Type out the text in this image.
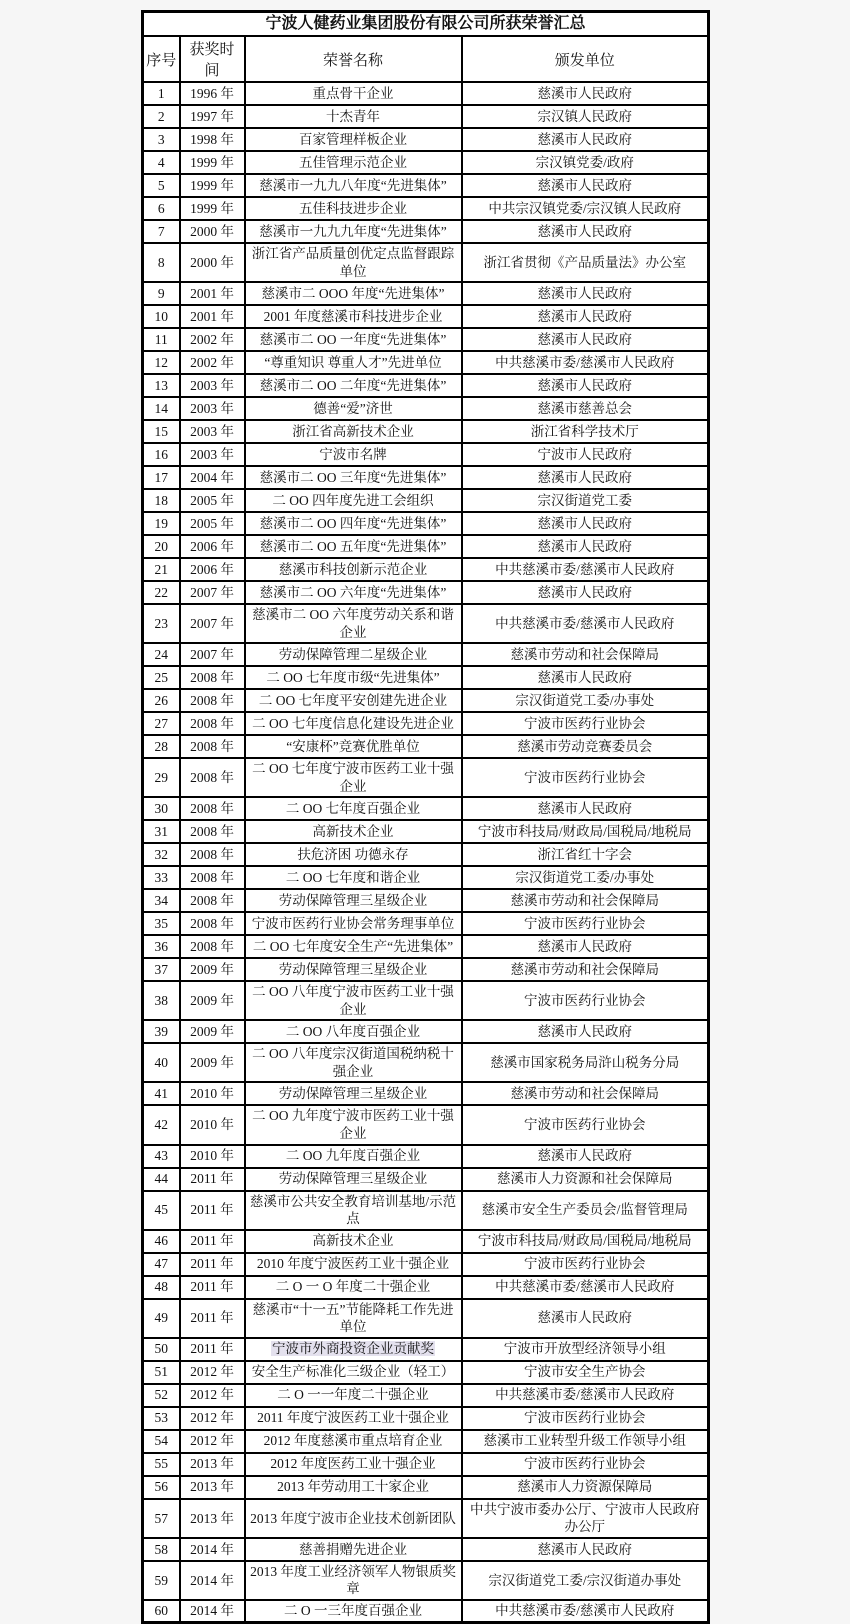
宁波人健药业集团股份有限公司所获荣誉汇总			
序号	获奖时间	荣誉名称	颁发单位
1	1996 年	重点骨干企业	慈溪市人民政府
2	1997 年	十杰青年	宗汉镇人民政府
3	1998 年	百家管理样板企业	慈溪市人民政府
4	1999 年	五佳管理示范企业	宗汉镇党委/政府
5	1999 年	慈溪市一九九八年度“先进集体”	慈溪市人民政府
6	1999 年	五佳科技进步企业	中共宗汉镇党委/宗汉镇人民政府
7	2000 年	慈溪市一九九九年度“先进集体”	慈溪市人民政府
8	2000 年	浙江省产品质量创优定点监督跟踪单位	浙江省贯彻《产品质量法》办公室
9	2001 年	慈溪市二 OOO 年度“先进集体”	慈溪市人民政府
10	2001 年	2001 年度慈溪市科技进步企业	慈溪市人民政府
11	2002 年	慈溪市二 OO 一年度“先进集体”	慈溪市人民政府
12	2002 年	“尊重知识 尊重人才”先进单位	中共慈溪市委/慈溪市人民政府
13	2003 年	慈溪市二 OO 二年度“先进集体”	慈溪市人民政府
14	2003 年	德善“爱”济世	慈溪市慈善总会
15	2003 年	浙江省高新技术企业	浙江省科学技术厅
16	2003 年	宁波市名牌	宁波市人民政府
17	2004 年	慈溪市二 OO 三年度“先进集体”	慈溪市人民政府
18	2005 年	二 OO 四年度先进工会组织	宗汉街道党工委
19	2005 年	慈溪市二 OO 四年度“先进集体”	慈溪市人民政府
20	2006 年	慈溪市二 OO 五年度“先进集体”	慈溪市人民政府
21	2006 年	慈溪市科技创新示范企业	中共慈溪市委/慈溪市人民政府
22	2007 年	慈溪市二 OO 六年度“先进集体”	慈溪市人民政府
23	2007 年	慈溪市二 OO 六年度劳动关系和谐企业	中共慈溪市委/慈溪市人民政府
24	2007 年	劳动保障管理二星级企业	慈溪市劳动和社会保障局
25	2008 年	二 OO 七年度市级“先进集体”	慈溪市人民政府
26	2008 年	二 OO 七年度平安创建先进企业	宗汉街道党工委/办事处
27	2008 年	二 OO 七年度信息化建设先进企业	宁波市医药行业协会
28	2008 年	“安康杯”竞赛优胜单位	慈溪市劳动竞赛委员会
29	2008 年	二 OO 七年度宁波市医药工业十强企业	宁波市医药行业协会
30	2008 年	二 OO 七年度百强企业	慈溪市人民政府
31	2008 年	高新技术企业	宁波市科技局/财政局/国税局/地税局
32	2008 年	扶危济困 功德永存	浙江省红十字会
33	2008 年	二 OO 七年度和谐企业	宗汉街道党工委/办事处
34	2008 年	劳动保障管理三星级企业	慈溪市劳动和社会保障局
35	2008 年	宁波市医药行业协会常务理事单位	宁波市医药行业协会
36	2008 年	二 OO 七年度安全生产“先进集体”	慈溪市人民政府
37	2009 年	劳动保障管理三星级企业	慈溪市劳动和社会保障局
38	2009 年	二 OO 八年度宁波市医药工业十强企业	宁波市医药行业协会
39	2009 年	二 OO 八年度百强企业	慈溪市人民政府
40	2009 年	二 OO 八年度宗汉街道国税纳税十强企业	慈溪市国家税务局浒山税务分局
41	2010 年	劳动保障管理三星级企业	慈溪市劳动和社会保障局
42	2010 年	二 OO 九年度宁波市医药工业十强企业	宁波市医药行业协会
43	2010 年	二 OO 九年度百强企业	慈溪市人民政府
44	2011 年	劳动保障管理三星级企业	慈溪市人力资源和社会保障局
45	2011 年	慈溪市公共安全教育培训基地/示范点	慈溪市安全生产委员会/监督管理局
46	2011 年	高新技术企业	宁波市科技局/财政局/国税局/地税局
47	2011 年	2010 年度宁波医药工业十强企业	宁波市医药行业协会
48	2011 年	二 O 一 O 年度二十强企业	中共慈溪市委/慈溪市人民政府
49	2011 年	慈溪市“十一五”节能降耗工作先进单位	慈溪市人民政府
50	2011 年	宁波市外商投资企业贡献奖	宁波市开放型经济领导小组
51	2012 年	安全生产标准化三级企业（轻工）	宁波市安全生产协会
52	2012 年	二 O 一一年度二十强企业	中共慈溪市委/慈溪市人民政府
53	2012 年	2011 年度宁波医药工业十强企业	宁波市医药行业协会
54	2012 年	2012 年度慈溪市重点培育企业	慈溪市工业转型升级工作领导小组
55	2013 年	2012 年度医药工业十强企业	宁波市医药行业协会
56	2013 年	2013 年劳动用工十家企业	慈溪市人力资源保障局
57	2013 年	2013 年度宁波市企业技术创新团队	中共宁波市委办公厅、宁波市人民政府办公厅
58	2014 年	慈善捐赠先进企业	慈溪市人民政府
59	2014 年	2013 年度工业经济领军人物银质奖章	宗汉街道党工委/宗汉街道办事处
60	2014 年	二 O 一三年度百强企业	中共慈溪市委/慈溪市人民政府
